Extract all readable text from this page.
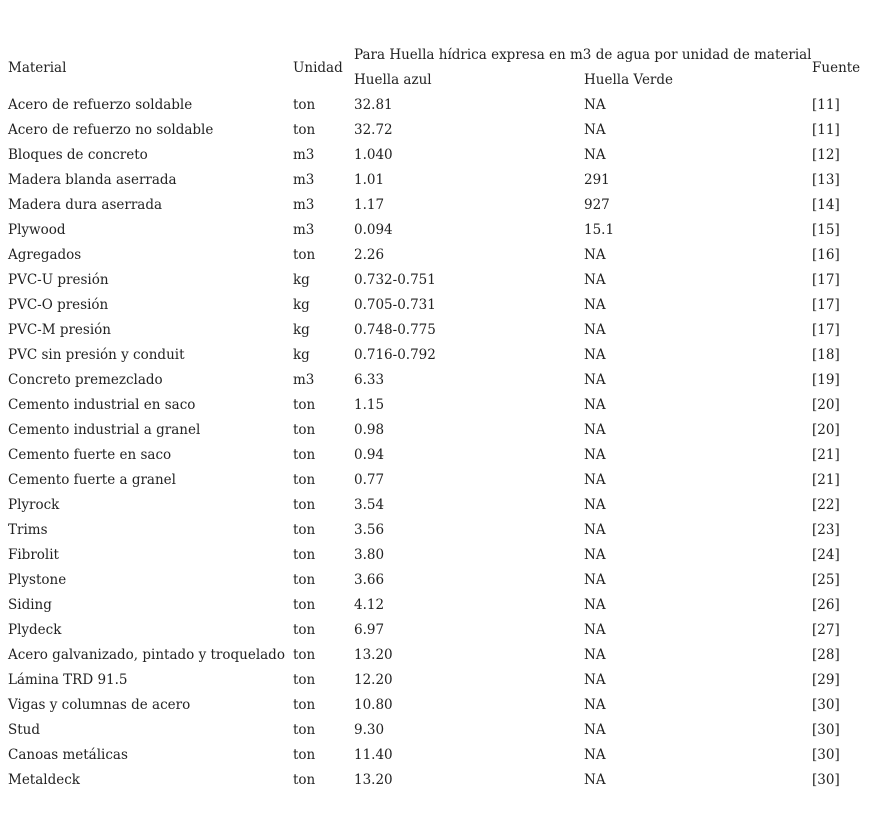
Material	Unidad	Para Huella hídrica expresa en m3 de agua por unidad de material		Fuente
		Huella azul	Huella Verde	
Acero de refuerzo soldable	ton	32.81	NA	[11]
Acero de refuerzo no soldable	ton	32.72	NA	[11]
Bloques de concreto	m3	1.040	NA	[12]
Madera blanda aserrada	m3	1.01	291	[13]
Madera dura aserrada	m3	1.17	927	[14]
Plywood	m3	0.094	15.1	[15]
Agregados	ton	2.26	NA	[16]
PVC-U presión	kg	0.732-0.751	NA	[17]
PVC-O presión	kg	0.705-0.731	NA	[17]
PVC-M presión	kg	0.748-0.775	NA	[17]
PVC sin presión y conduit	kg	0.716-0.792	NA	[18]
Concreto premezclado	m3	6.33	NA	[19]
Cemento industrial en saco	ton	1.15	NA	[20]
Cemento industrial a granel	ton	0.98	NA	[20]
Cemento fuerte en saco	ton	0.94	NA	[21]
Cemento fuerte a granel	ton	0.77	NA	[21]
Plyrock	ton	3.54	NA	[22]
Trims	ton	3.56	NA	[23]
Fibrolit	ton	3.80	NA	[24]
Plystone	ton	3.66	NA	[25]
Siding	ton	4.12	NA	[26]
Plydeck	ton	6.97	NA	[27]
Acero galvanizado, pintado y troquelado	ton	13.20	NA	[28]
Lámina TRD 91.5	ton	12.20	NA	[29]
Vigas y columnas de acero	ton	10.80	NA	[30]
Stud	ton	9.30	NA	[30]
Canoas metálicas	ton	11.40	NA	[30]
Metaldeck	ton	13.20	NA	[30]
